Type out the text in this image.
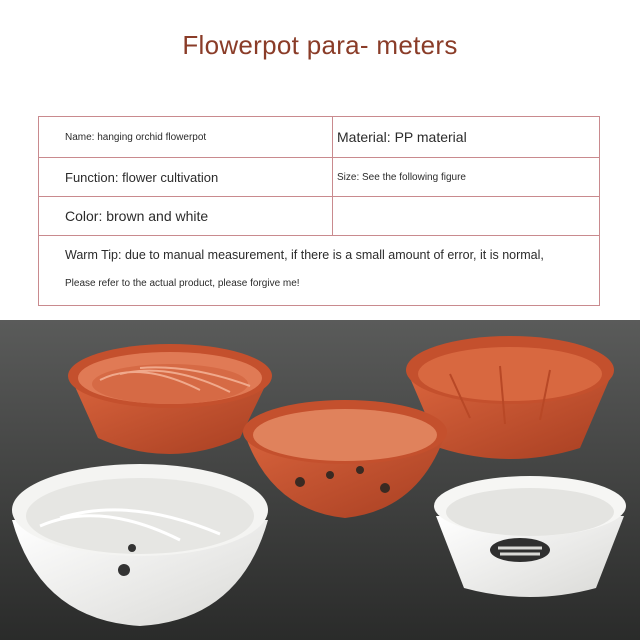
Flowerpot para- meters
Name: hanging orchid flowerpot	Material: PP material
Function: flower cultivation	Size: See the following figure
Color: brown and white
Warm Tip: due to manual measurement, if there is a small amount of error, it is normal,
Please refer to the actual product, please forgive me!
